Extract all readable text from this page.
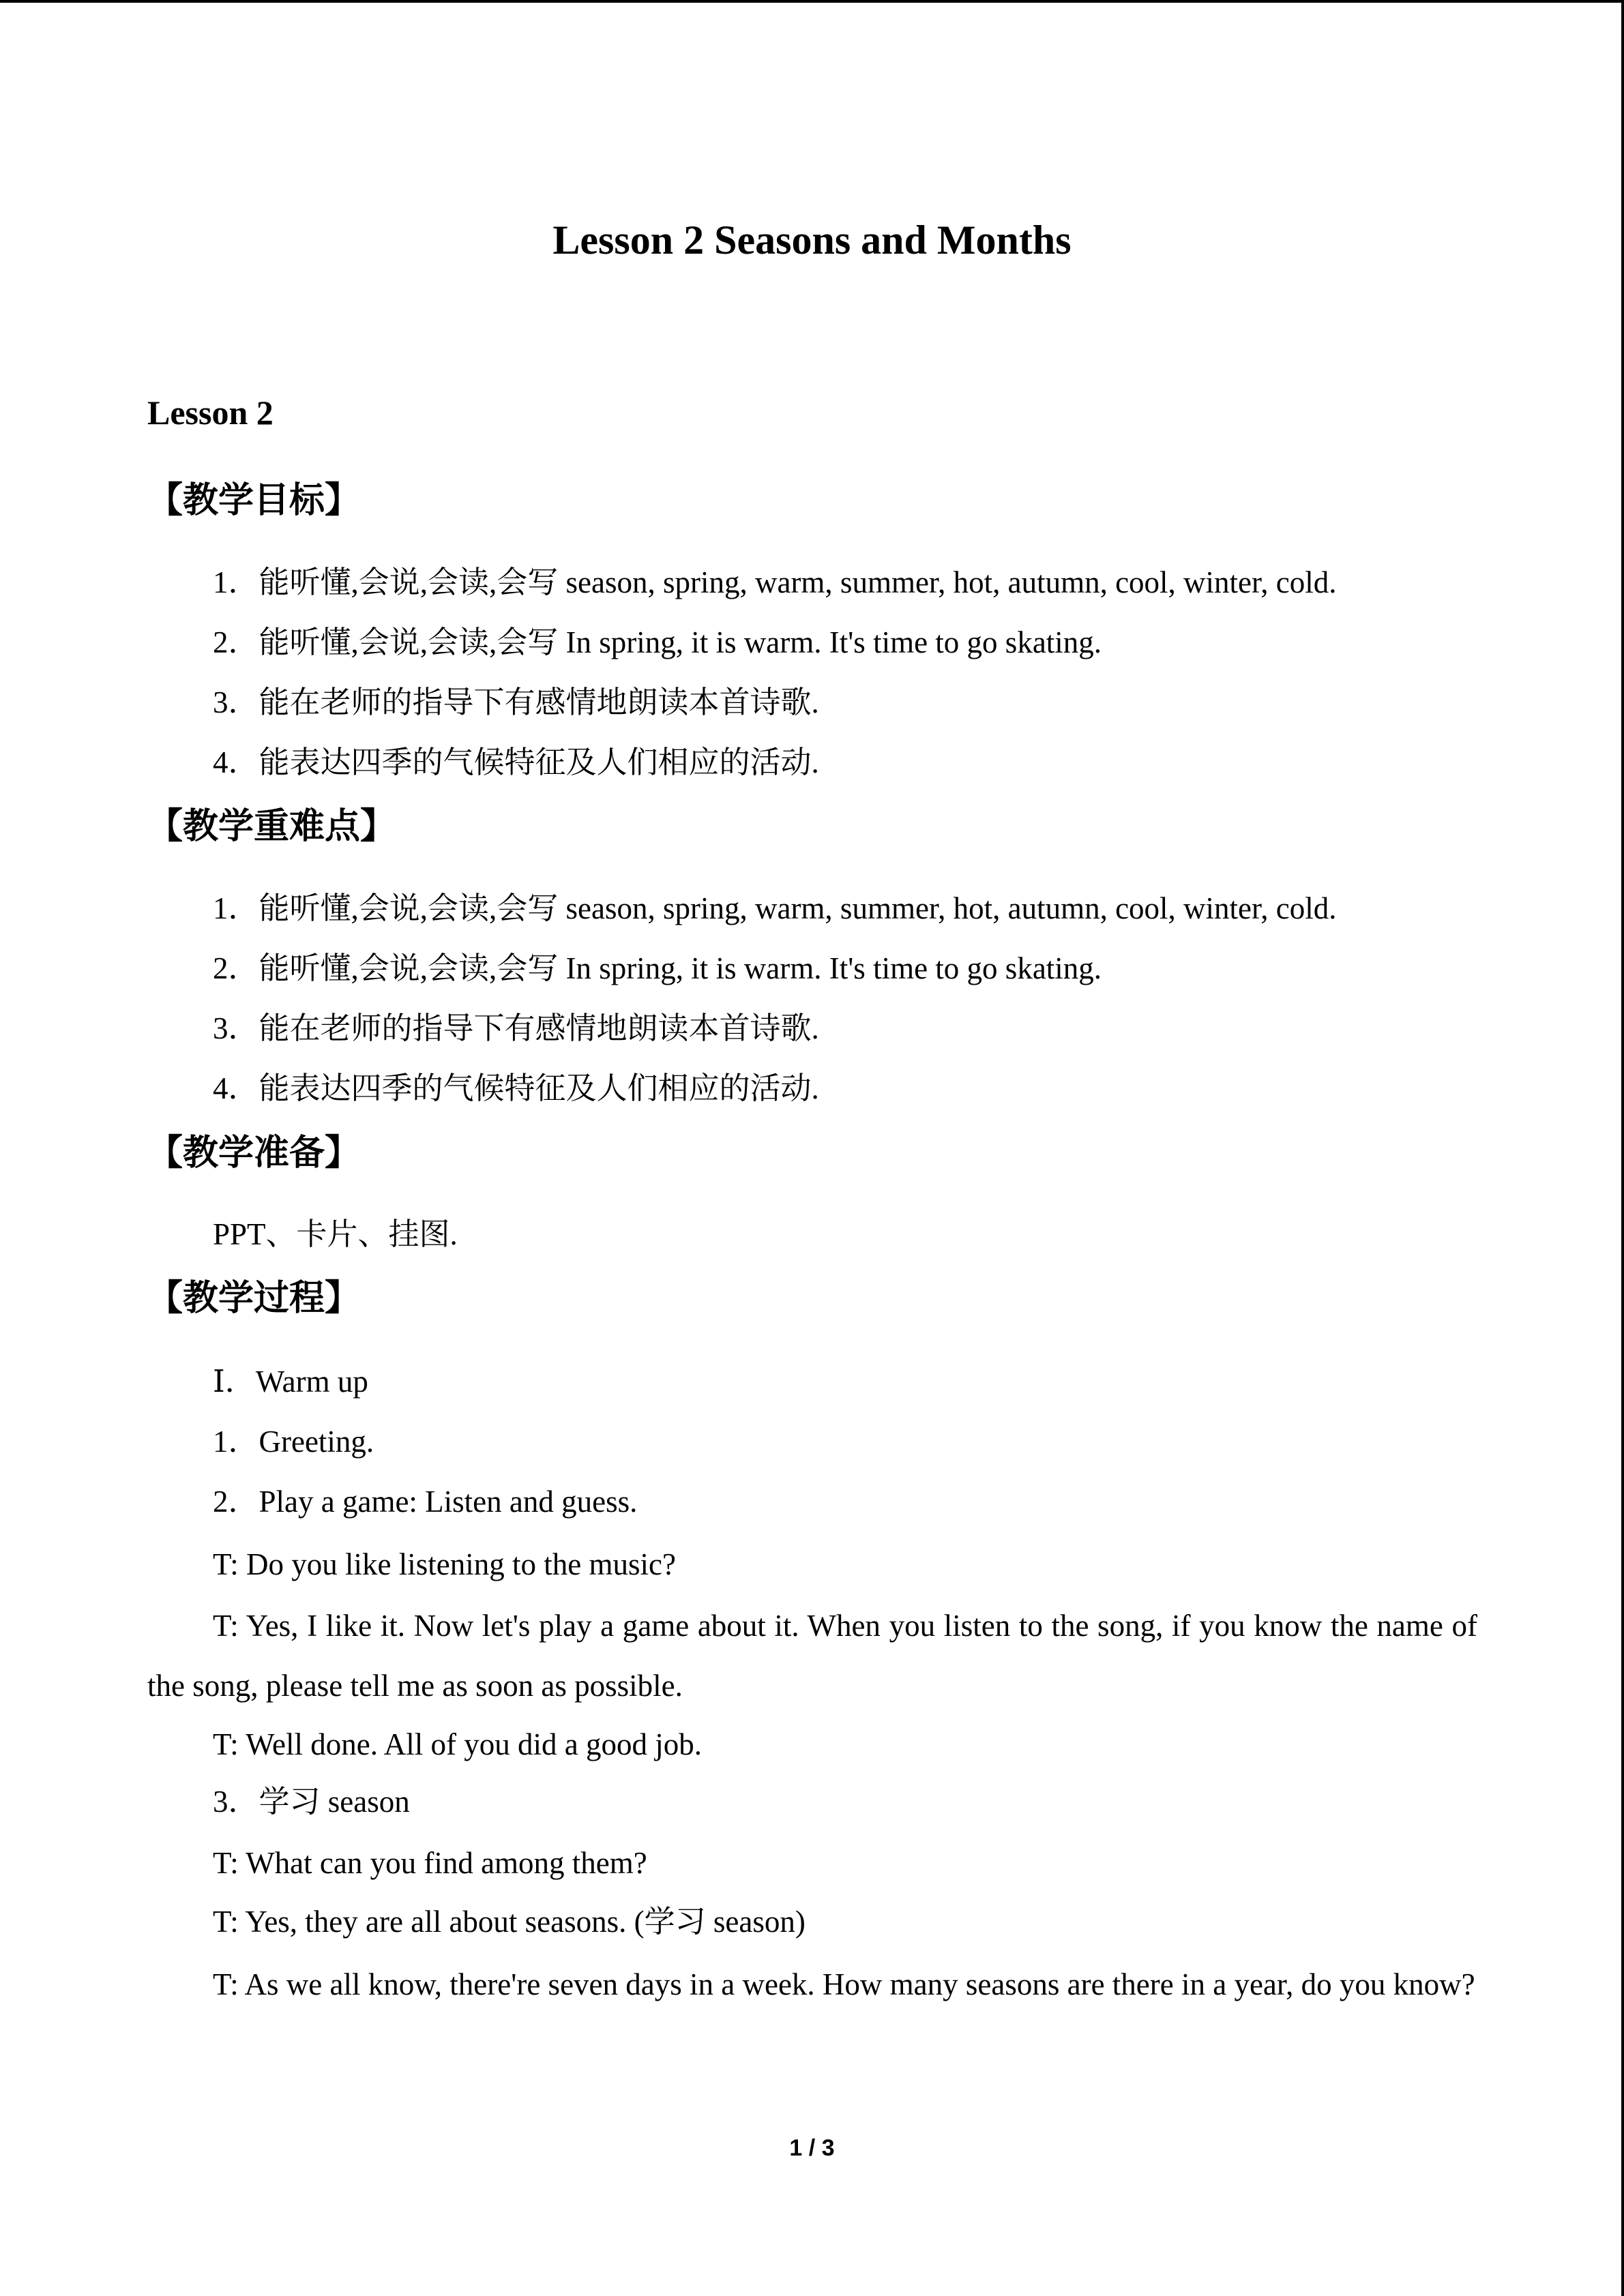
Lesson 2 Seasons and Months
Lesson 2
【教学目标】
1．能听懂,会说,会读,会写 season, spring, warm, summer, hot, autumn, cool, winter, cold.
2．能听懂,会说,会读,会写 In spring, it is warm. It's time to go skating.
3．能在老师的指导下有感情地朗读本首诗歌.
4．能表达四季的气候特征及人们相应的活动.
【教学重难点】
1．能听懂,会说,会读,会写 season, spring, warm, summer, hot, autumn, cool, winter, cold.
2．能听懂,会说,会读,会写 In spring, it is warm. It's time to go skating.
3．能在老师的指导下有感情地朗读本首诗歌.
4．能表达四季的气候特征及人们相应的活动.
【教学准备】
PPT、卡片、挂图.
【教学过程】
Ⅰ．Warm up
1．Greeting.
2．Play a game: Listen and guess.
T: Do you like listening to the music?
T: Yes, I like it. Now let's play a game about it. When you listen to the song, if you know the name of the song, please tell me as soon as possible.
T: Well done. All of you did a good job.
3．学习 season
T: What can you find among them?
T: Yes, they are all about seasons. (学习 season)
T: As we all know, there're seven days in a week. How many seasons are there in a year, do you know?
1 / 3
